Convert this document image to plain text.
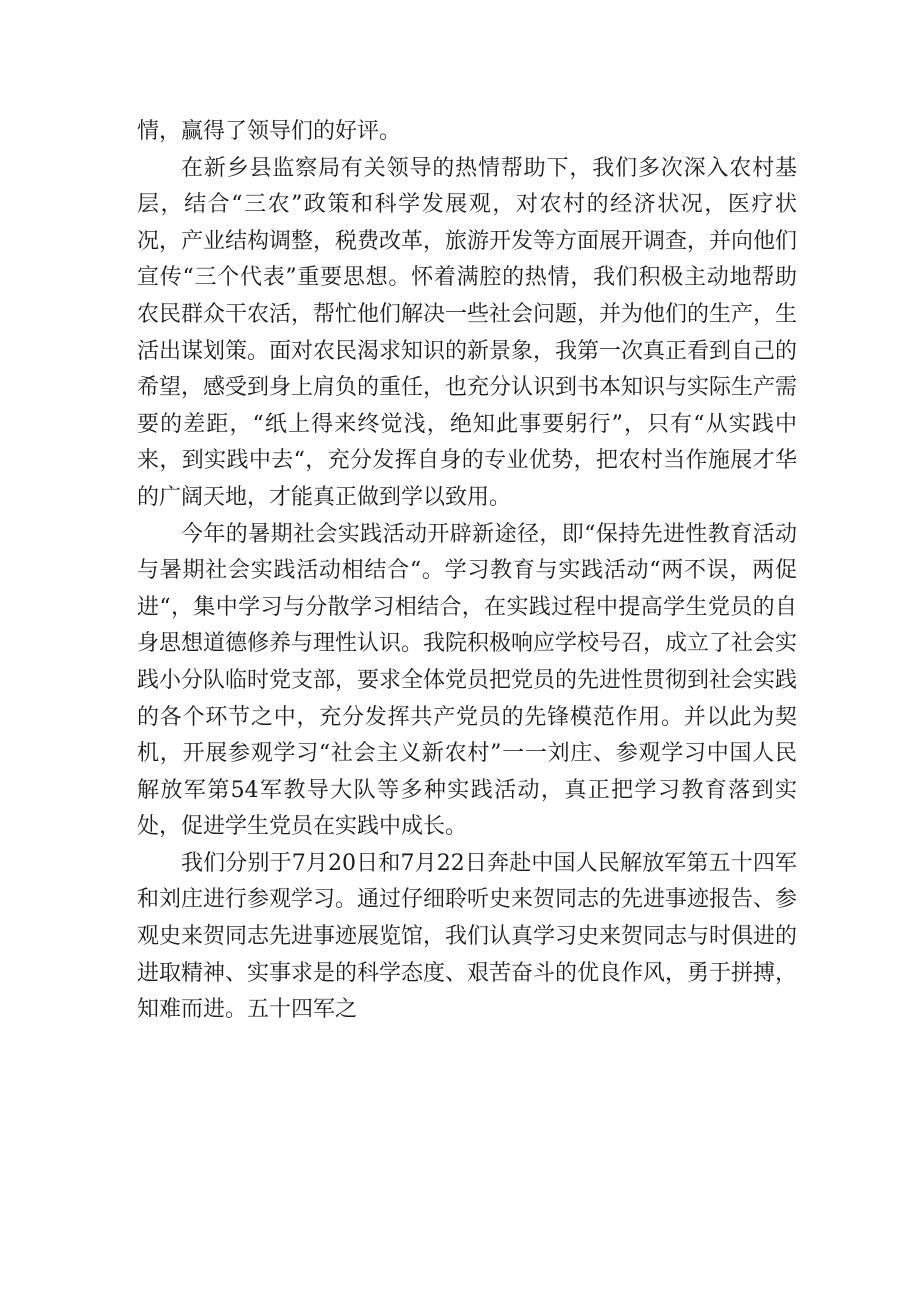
情，赢得了领导们的好评。

在新乡县监察局有关领导的热情帮助下，我们多次深入农村基层，结合“三农”政策和科学发展观，对农村的经济状况，医疗状况，产业结构调整，税费改革，旅游开发等方面展开调查，并向他们宣传“三个代表”重要思想。怀着满腔的热情，我们积极主动地帮助农民群众干农活，帮忙他们解决一些社会问题，并为他们的生产，生活出谋划策。面对农民渴求知识的新景象，我第一次真正看到自己的希望，感受到身上肩负的重任，也充分认识到书本知识与实际生产需要的差距，“纸上得来终觉浅，绝知此事要躬行”，只有“从实践中来，到实践中去“，充分发挥自身的专业优势，把农村当作施展才华的广阔天地，才能真正做到学以致用。

今年的暑期社会实践活动开辟新途径，即“保持先进性教育活动与暑期社会实践活动相结合“。学习教育与实践活动“两不误，两促进“，集中学习与分散学习相结合，在实践过程中提高学生党员的自身思想道德修养与理性认识。我院积极响应学校号召，成立了社会实践小分队临时党支部，要求全体党员把党员的先进性贯彻到社会实践的各个环节之中，充分发挥共产党员的先锋模范作用。并以此为契机，开展参观学习“社会主义新农村”一一刘庄、参观学习中国人民解放军第54军教导大队等多种实践活动，真正把学习教育落到实处，促进学生党员在实践中成长。

我们分别于7月20日和7月22日奔赴中国人民解放军第五十四军和刘庄进行参观学习。通过仔细聆听史来贺同志的先进事迹报告、参观史来贺同志先进事迹展览馆，我们认真学习史来贺同志与时俱进的进取精神、实事求是的科学态度、艰苦奋斗的优良作风，勇于拼搏，知难而进。五十四军之
